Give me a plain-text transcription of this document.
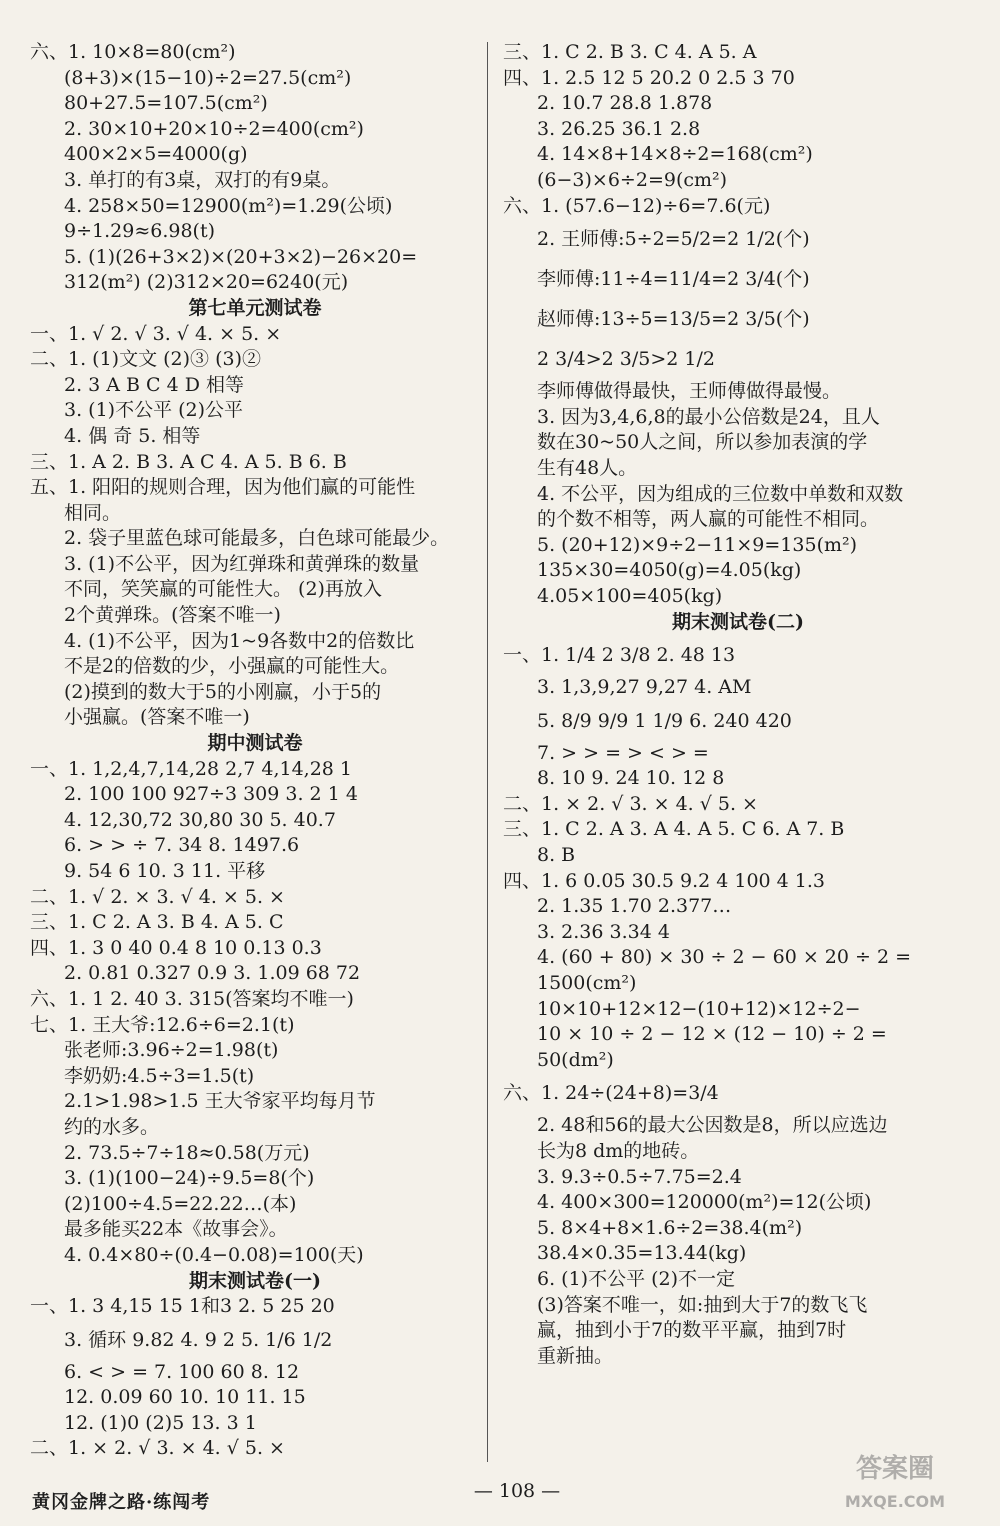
六、1. 10×8=80(cm²)
(8+3)×(15−10)÷2=27.5(cm²)
80+27.5=107.5(cm²)
2. 30×10+20×10÷2=400(cm²)
400×2×5=4000(g)
3. 单打的有3桌，双打的有9桌。
4. 258×50=12900(m²)=1.29(公顷)
9÷1.29≈6.98(t)
5. (1)(26+3×2)×(20+3×2)−26×20=
312(m²) (2)312×20=6240(元)
第七单元测试卷
一、1. √ 2. √ 3. √ 4. × 5. ×
二、1. (1)文文 (2)③ (3)②
2. 3 A B C 4 D 相等
3. (1)不公平 (2)公平
4. 偶 奇 5. 相等
三、1. A 2. B 3. A C 4. A 5. B 6. B
五、1. 阳阳的规则合理，因为他们赢的可能性
相同。
2. 袋子里蓝色球可能最多，白色球可能最少。
3. (1)不公平，因为红弹珠和黄弹珠的数量
不同，笑笑赢的可能性大。 (2)再放入
2个黄弹珠。(答案不唯一)
4. (1)不公平，因为1~9各数中2的倍数比
不是2的倍数的少，小强赢的可能性大。
(2)摸到的数大于5的小刚赢，小于5的
小强赢。(答案不唯一)
期中测试卷
一、1. 1,2,4,7,14,28 2,7 4,14,28 1
2. 100 100 927÷3 309 3. 2 1 4
4. 12,30,72 30,80 30 5. 40.7
6. > > ÷ 7. 34 8. 1497.6
9. 54 6 10. 3 11. 平移
二、1. √ 2. × 3. √ 4. × 5. ×
三、1. C 2. A 3. B 4. A 5. C
四、1. 3 0 40 0.4 8 10 0.13 0.3
2. 0.81 0.327 0.9 3. 1.09 68 72
六、1. 1 2. 40 3. 315(答案均不唯一)
七、1. 王大爷:12.6÷6=2.1(t)
张老师:3.96÷2=1.98(t)
李奶奶:4.5÷3=1.5(t)
2.1>1.98>1.5 王大爷家平均每月节
约的水多。
2. 73.5÷7÷18≈0.58(万元)
3. (1)(100−24)÷9.5=8(个)
(2)100÷4.5=22.22…(本)
最多能买22本《故事会》。
4. 0.4×80÷(0.4−0.08)=100(天)
期末测试卷(一)
一、1. 3 4,15 15 1和3 2. 5 25 20
3. 循环 9.82 4. 9 2 5. 1/6 1/2
6. < > = 7. 100 60 8. 12
12. 0.09 60 10. 10 11. 15
12. (1)0 (2)5 13. 3 1
二、1. × 2. √ 3. × 4. √ 5. ×
三、1. C 2. B 3. C 4. A 5. A
四、1. 2.5 12 5 20.2 0 2.5 3 70
2. 10.7 28.8 1.878
3. 26.25 36.1 2.8
4. 14×8+14×8÷2=168(cm²)
(6−3)×6÷2=9(cm²)
六、1. (57.6−12)÷6=7.6(元)
2. 王师傅:5÷2=5/2=2 1/2(个)
李师傅:11÷4=11/4=2 3/4(个)
赵师傅:13÷5=13/5=2 3/5(个)
2 3/4>2 3/5>2 1/2
李师傅做得最快，王师傅做得最慢。
3. 因为3,4,6,8的最小公倍数是24，且人
数在30~50人之间，所以参加表演的学
生有48人。
4. 不公平，因为组成的三位数中单数和双数
的个数不相等，两人赢的可能性不相同。
5. (20+12)×9÷2−11×9=135(m²)
135×30=4050(g)=4.05(kg)
4.05×100=405(kg)
期末测试卷(二)
一、1. 1/4 2 3/8 2. 48 13
3. 1,3,9,27 9,27 4. AM
5. 8/9 9/9 1 1/9 6. 240 420
7. > > = > < > =
8. 10 9. 24 10. 12 8
二、1. × 2. √ 3. × 4. √ 5. ×
三、1. C 2. A 3. A 4. A 5. C 6. A 7. B
8. B
四、1. 6 0.05 30.5 9.2 4 100 4 1.3
2. 1.35 1.70 2.377…
3. 2.36 3.34 4
4. (60 + 80) × 30 ÷ 2 − 60 × 20 ÷ 2 =
1500(cm²)
10×10+12×12−(10+12)×12÷2−
10 × 10 ÷ 2 − 12 × (12 − 10) ÷ 2 =
50(dm²)
六、1. 24÷(24+8)=3/4
2. 48和56的最大公因数是8，所以应选边
长为8 dm的地砖。
3. 9.3÷0.5÷7.75=2.4
4. 400×300=120000(m²)=12(公顷)
5. 8×4+8×1.6÷2=38.4(m²)
38.4×0.35=13.44(kg)
6. (1)不公平 (2)不一定
(3)答案不唯一，如:抽到大于7的数飞飞
赢，抽到小于7的数平平赢，抽到7时
重新抽。
黄冈金牌之路·练闯考
— 108 —
答案圈
MXQE.COM
